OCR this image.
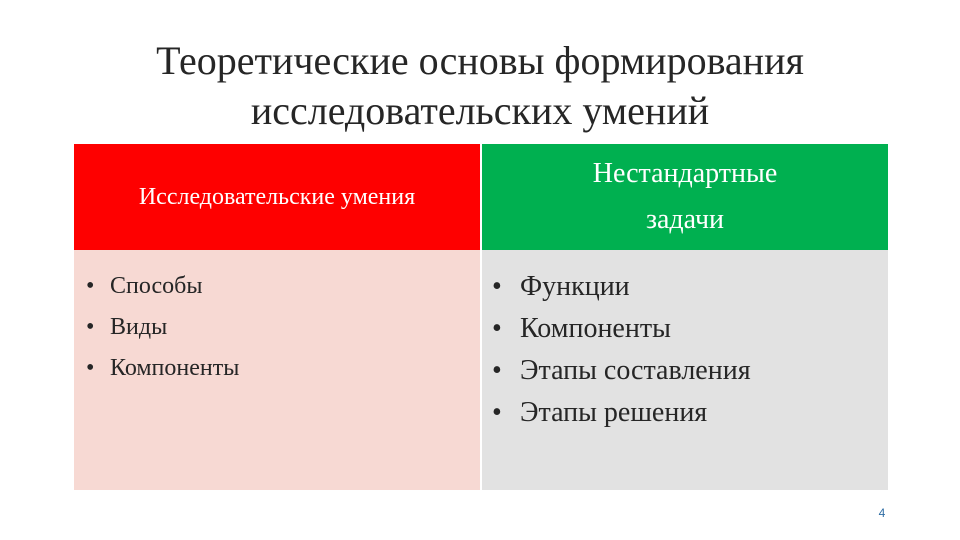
Теоретические основы формирования
исследовательских умений
Исследовательские умения
Нестандартные
задачи
• Способы
• Виды
• Компоненты
• Функции
• Компоненты
• Этапы составления
• Этапы решения
4
